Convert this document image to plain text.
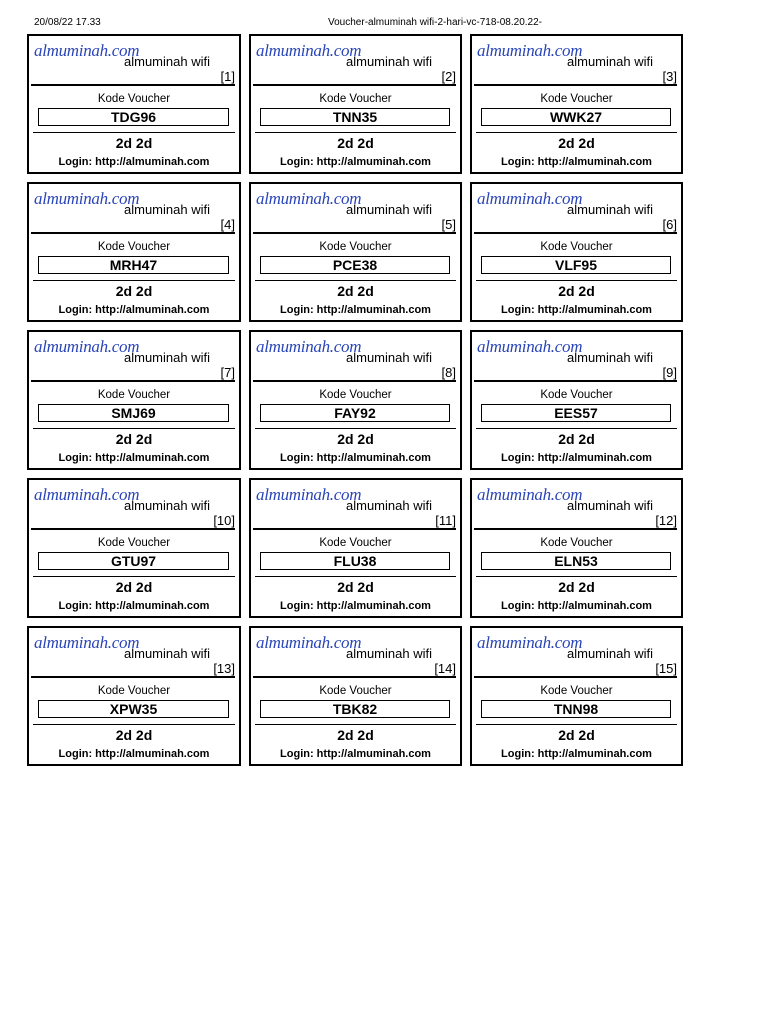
20/08/22 17.33	Voucher-almuminah wifi-2-hari-vc-718-08.20.22-
almuminah.com
almuminah wifi
[1]
Kode Voucher
TDG96
2d 2d
Login: http://almuminah.com
almuminah.com
almuminah wifi
[2]
Kode Voucher
TNN35
2d 2d
Login: http://almuminah.com
almuminah.com
almuminah wifi
[3]
Kode Voucher
WWK27
2d 2d
Login: http://almuminah.com
almuminah.com
almuminah wifi
[4]
Kode Voucher
MRH47
2d 2d
Login: http://almuminah.com
almuminah.com
almuminah wifi
[5]
Kode Voucher
PCE38
2d 2d
Login: http://almuminah.com
almuminah.com
almuminah wifi
[6]
Kode Voucher
VLF95
2d 2d
Login: http://almuminah.com
almuminah.com
almuminah wifi
[7]
Kode Voucher
SMJ69
2d 2d
Login: http://almuminah.com
almuminah.com
almuminah wifi
[8]
Kode Voucher
FAY92
2d 2d
Login: http://almuminah.com
almuminah.com
almuminah wifi
[9]
Kode Voucher
EES57
2d 2d
Login: http://almuminah.com
almuminah.com
almuminah wifi
[10]
Kode Voucher
GTU97
2d 2d
Login: http://almuminah.com
almuminah.com
almuminah wifi
[11]
Kode Voucher
FLU38
2d 2d
Login: http://almuminah.com
almuminah.com
almuminah wifi
[12]
Kode Voucher
ELN53
2d 2d
Login: http://almuminah.com
almuminah.com
almuminah wifi
[13]
Kode Voucher
XPW35
2d 2d
Login: http://almuminah.com
almuminah.com
almuminah wifi
[14]
Kode Voucher
TBK82
2d 2d
Login: http://almuminah.com
almuminah.com
almuminah wifi
[15]
Kode Voucher
TNN98
2d 2d
Login: http://almuminah.com
